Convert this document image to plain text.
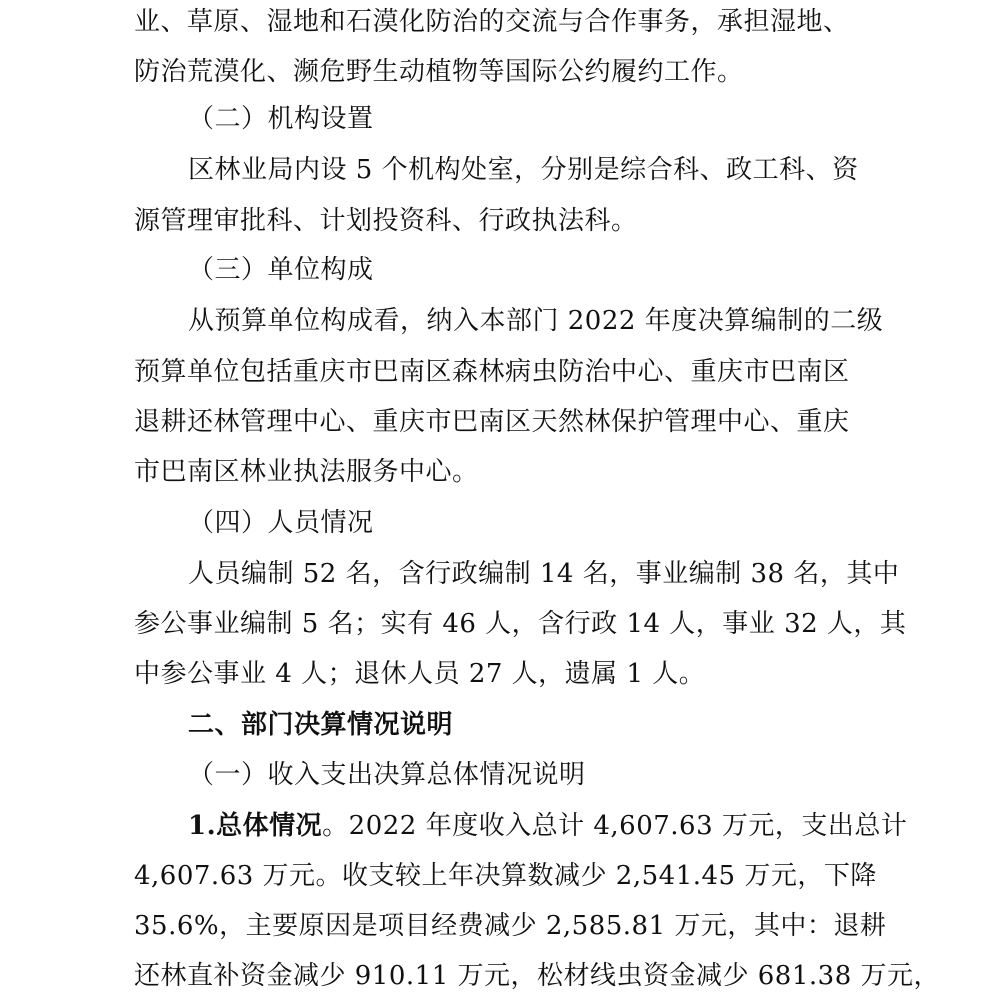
业、草原、湿地和石漠化防治的交流与合作事务，承担湿地、
防治荒漠化、濒危野生动植物等国际公约履约工作。
（二）机构设置
区林业局内设 5 个机构处室，分别是综合科、政工科、资
源管理审批科、计划投资科、行政执法科。
（三）单位构成
从预算单位构成看，纳入本部门 2022 年度决算编制的二级
预算单位包括重庆市巴南区森林病虫防治中心、重庆市巴南区
退耕还林管理中心、重庆市巴南区天然林保护管理中心、重庆
市巴南区林业执法服务中心。
（四）人员情况
人员编制 52 名，含行政编制 14 名，事业编制 38 名，其中
参公事业编制 5 名；实有 46 人，含行政 14 人，事业 32 人，其
中参公事业 4 人；退休人员 27 人，遗属 1 人。
二、部门决算情况说明
（一）收入支出决算总体情况说明
1.总体情况。2022 年度收入总计 4,607.63 万元，支出总计
4,607.63 万元。收支较上年决算数减少 2,541.45 万元，下降
35.6%，主要原因是项目经费减少 2,585.81 万元，其中：退耕
还林直补资金减少 910.11 万元，松材线虫资金减少 681.38 万元，
